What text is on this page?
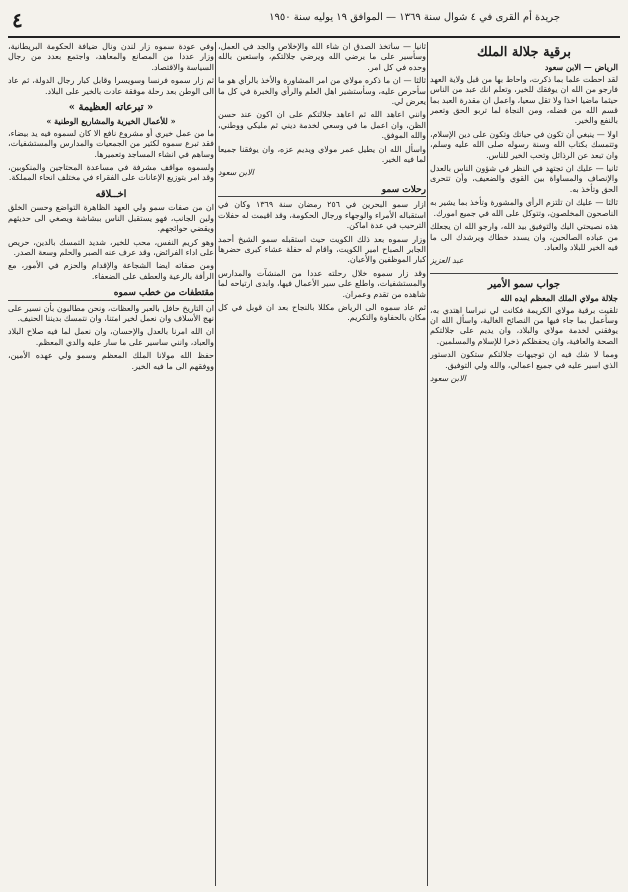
٤	جريدة أم القرى في ٤ شوال سنة ١٣٦٩ — الموافق ١٩ يوليه سنة ١٩٥٠
برقية جلالة الملك
الرياض — الابن سعود

لقد احطت علما بما ذكرت، واحاط بها من قبل ولاية العهد فارجو من الله ان يوفقك للخير، وتعلم انك عبد من الناس حيثما ماضيا اخذا ولا تقل سعيا، واعمل ان مقدرة العبد بما قسم الله من فضله، ومن النجاة لما تربو الحق وتعمر بالنفع والخير.

اولا — ينبغي أن تكون في حياتك وتكون على دين الإسلام، وتتمسك بكتاب الله وسنة رسوله صلى الله عليه وسلم، وان تبعد عن الرذائل وتحب الخير للناس.

ثانيا — عليك ان تجتهد في النظر في شؤون الناس بالعدل والإنصاف والمساواة بين القوي والضعيف، وأن تتحرى الحق وتأخذ به.

ثالثا — عليك ان تلتزم الرأي والمشورة وتأخذ بما يشير به الناصحون المخلصون، وتتوكل على الله في جميع امورك.

هذه نصيحتي اليك والتوفيق بيد الله، وارجو الله ان يجعلك من عباده الصالحين، وان يسدد خطاك ويرشدك الى ما فيه الخير للبلاد والعباد.

عبد العزيز
جواب سمو الأمير
جلالة مولاي الملك المعظم ايده الله

تلقيت برقية مولاي الكريمة فكانت لي نبراسا اهتدي به، وسأعمل بما جاء فيها من النصائح الغالية، واسأل الله ان يوفقني لخدمة مولاي والبلاد، وان يديم على جلالتكم الصحة والعافية، وان يحفظكم ذخرا للإسلام والمسلمين.

ومما لا شك فيه ان توجيهات جلالتكم ستكون الدستور الذي اسير عليه في جميع اعمالي، والله ولي التوفيق.

الابن سعود

ثانيا — سأتخذ الصدق ان شاء الله والإخلاص والجد في العمل، وسأسير على ما يرضي الله ويرضي جلالتكم، واستعين بالله وحده في كل امر.

ثالثا — ان ما ذكره مولاي من امر المشاورة والأخذ بالرأي هو ما سأحرص عليه، وسأستشير اهل العلم والرأي والخبرة في كل ما يعرض لي.

وانني اعاهد الله ثم اعاهد جلالتكم على ان اكون عند حسن الظن، وان اعمل ما في وسعي لخدمة ديني ثم مليكي ووطني، والله الموفق.

واسأل الله ان يطيل عمر مولاي ويديم عزه، وان يوفقنا جميعا لما فيه الخير.

الابن سعود
رحلات سمو

ازار سمو البحرين في ٢٥٦ رمضان سنة ١٣٦٩ وكان في استقباله الأمراء والوجهاء ورجال الحكومة، وقد اقيمت له حفلات الترحيب في عدة اماكن.

وزار سموه بعد ذلك الكويت حيث استقبله سمو الشيخ أحمد الجابر الصباح امير الكويت، واقام له حفلة عشاء كبرى حضرها كبار الموظفين والأعيان.

وقد زار سموه خلال رحلته عددا من المنشآت والمدارس والمستشفيات، واطلع على سير الأعمال فيها، وابدى ارتياحه لما شاهده من تقدم وعمران.

ثم عاد سموه الى الرياض مكللا بالنجاح بعد ان قوبل في كل مكان بالحفاوة والتكريم.

وفي عودة سموه زار لندن ونال ضيافة الحكومة البريطانية، وزار عددا من المصانع والمعاهد، واجتمع بعدد من رجال السياسة والاقتصاد.

ثم زار سموه فرنسا وسويسرا وقابل كبار رجال الدولة، ثم عاد الى الوطن بعد رحلة موفقة عادت بالخير على البلاد.

« تبرعاته العظيمة »
« للأعمال الخيرية والمشاريع الوطنية »

ما من عمل خيري أو مشروع نافع الا كان لسموه فيه يد بيضاء، فقد تبرع سموه لكثير من الجمعيات والمدارس والمستشفيات، وساهم في انشاء المساجد وتعميرها.

ولسموه مواقف مشرفة في مساعدة المحتاجين والمنكوبين، وقد امر بتوزيع الإعانات على الفقراء في مختلف انحاء المملكة.

اخــلاقه

ان من صفات سمو ولي العهد الظاهرة التواضع وحسن الخلق ولين الجانب، فهو يستقبل الناس ببشاشة ويصغي الى حديثهم ويقضي حوائجهم.

وهو كريم النفس، محب للخير، شديد التمسك بالدين، حريص على اداء الفرائض، وقد عرف عنه الصبر والحلم وسعة الصدر.

ومن صفاته ايضا الشجاعة والإقدام والحزم في الأمور، مع الرأفة بالرعية والعطف على الضعفاء.

مقتطفات من خطب سموه

ان التاريخ حافل بالعبر والعظات، ونحن مطالبون بأن نسير على نهج الأسلاف وان نعمل لخير امتنا، وان نتمسك بديننا الحنيف.

ان الله امرنا بالعدل والإحسان، وان نعمل لما فيه صلاح البلاد والعباد، وانني ساسير على ما سار عليه والدي المعظم.

حفظ الله مولانا الملك المعظم وسمو ولي عهده الأمين، ووفقهم الى ما فيه الخير.
